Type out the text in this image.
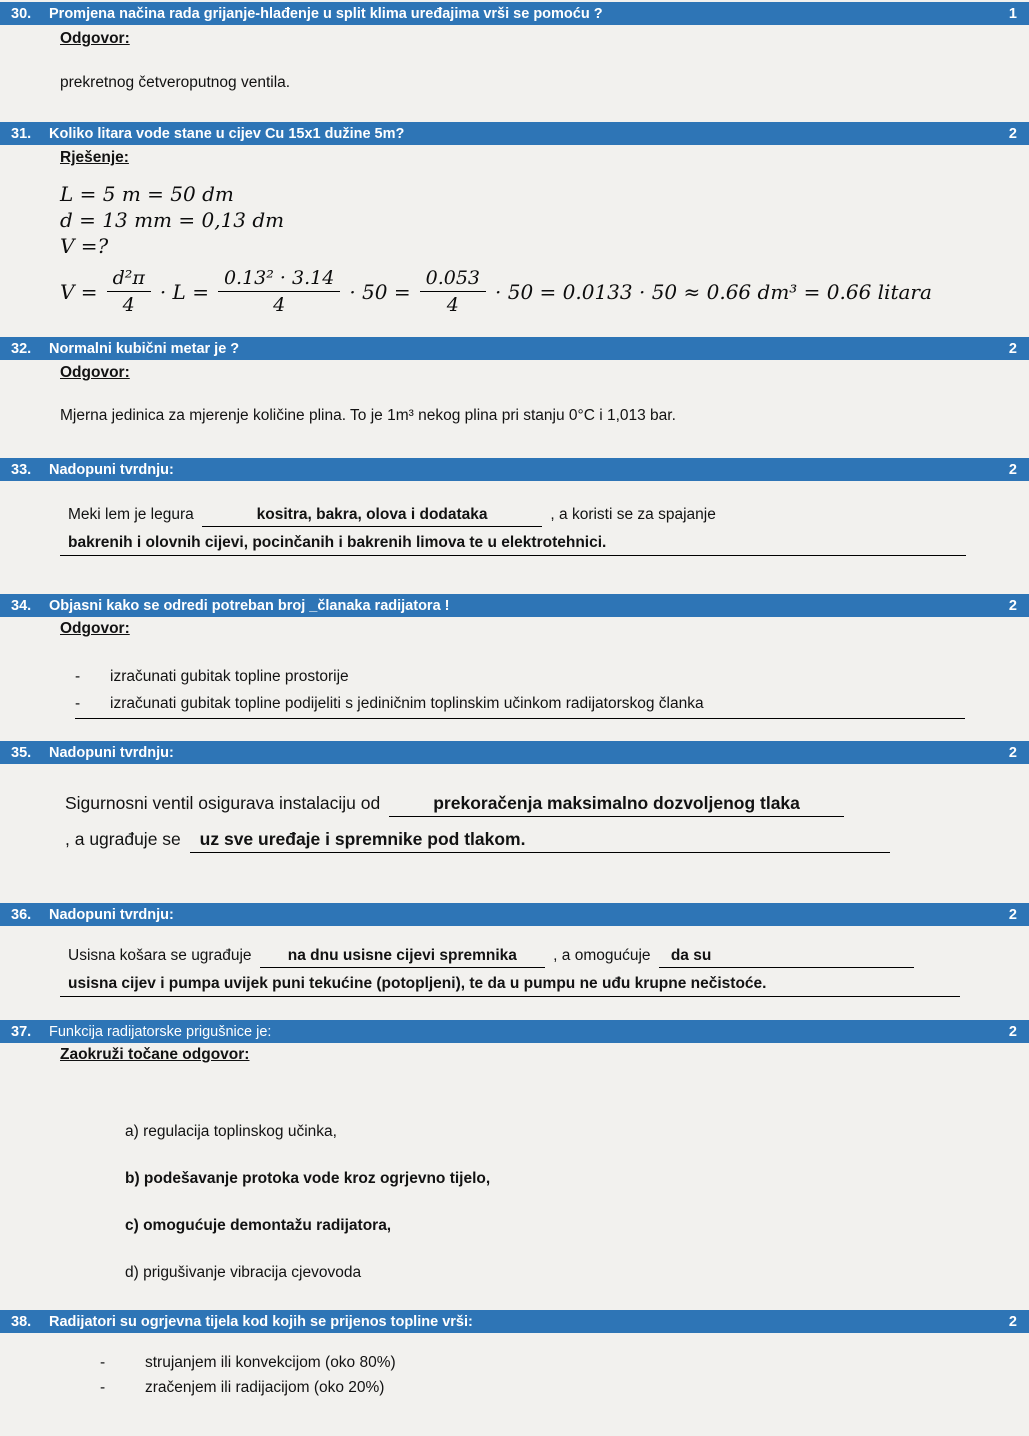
30.	Promjena načina rada grijanje-hlađenje u split klima uređajima vrši se pomoću ?	1
Odgovor:
prekretnog četveroputnog ventila.
31.	Koliko litara vode stane u cijev Cu 15x1 dužine 5m?	2
Rješenje:
L = 5 m = 50 dm
d = 13 mm = 0,13 dm
V =?
$V = \frac{\text{d²π}}{4} \cdot L = \frac{\text{0.13² · 3.14}}{4} \cdot 50 = \frac{0.053}{4} \cdot 50 = 0.0133 \cdot 50 \approx 0.66$ dm³ = 0.66 litara
32.	Normalni kubični metar je ?	2
Odgovor:
Mjerna jedinica za mjerenje količine plina. To je 1m³ nekog plina pri stanju 0°C i 1,013 bar.
33.	Nadopuni tvrdnju:	2
Meki lem je legura	kositra, bakra, olova i dodataka	, a koristi se za spajanje
bakrenih i olovnih cijevi, pocinčanih i bakrenih limova te u elektrotehnici.
34.	Objasni kako se odredi potreban broj _članaka radijatora !	2
Odgovor:
-	izračunati gubitak topline prostorije
-	izračunati gubitak topline podijeliti s jediničnim toplinskim učinkom radijatorskog članka
35.	Nadopuni tvrdnju:	2
Sigurnosni ventil osigurava instalaciju od	prekoračenja maksimalno dozvoljenog tlaka
, a ugrađuje se uz sve uređaje i spremnike pod tlakom.
36.	Nadopuni tvrdnju:	2
Usisna košara se ugrađuje na dnu usisne cijevi spremnika , a omogućuje da su
usisna cijev i pumpa uvijek puni tekućine (potopljeni), te da u pumpu ne uđu krupne nečistoće.
37.	Funkcija radijatorske prigušnice je:	2
Zaokruži točane odgovor:
a) regulacija toplinskog učinka,
b) podešavanje protoka vode kroz ogrjevno tijelo,
c) omogućuje demontažu radijatora,
d) prigušivanje vibracija cjevovoda
38.	Radijatori su ogrjevna tijela kod kojih se prijenos topline vrši:	2
-	strujanjem ili konvekcijom (oko 80%)
-	zračenjem ili radijacijom (oko 20%)
